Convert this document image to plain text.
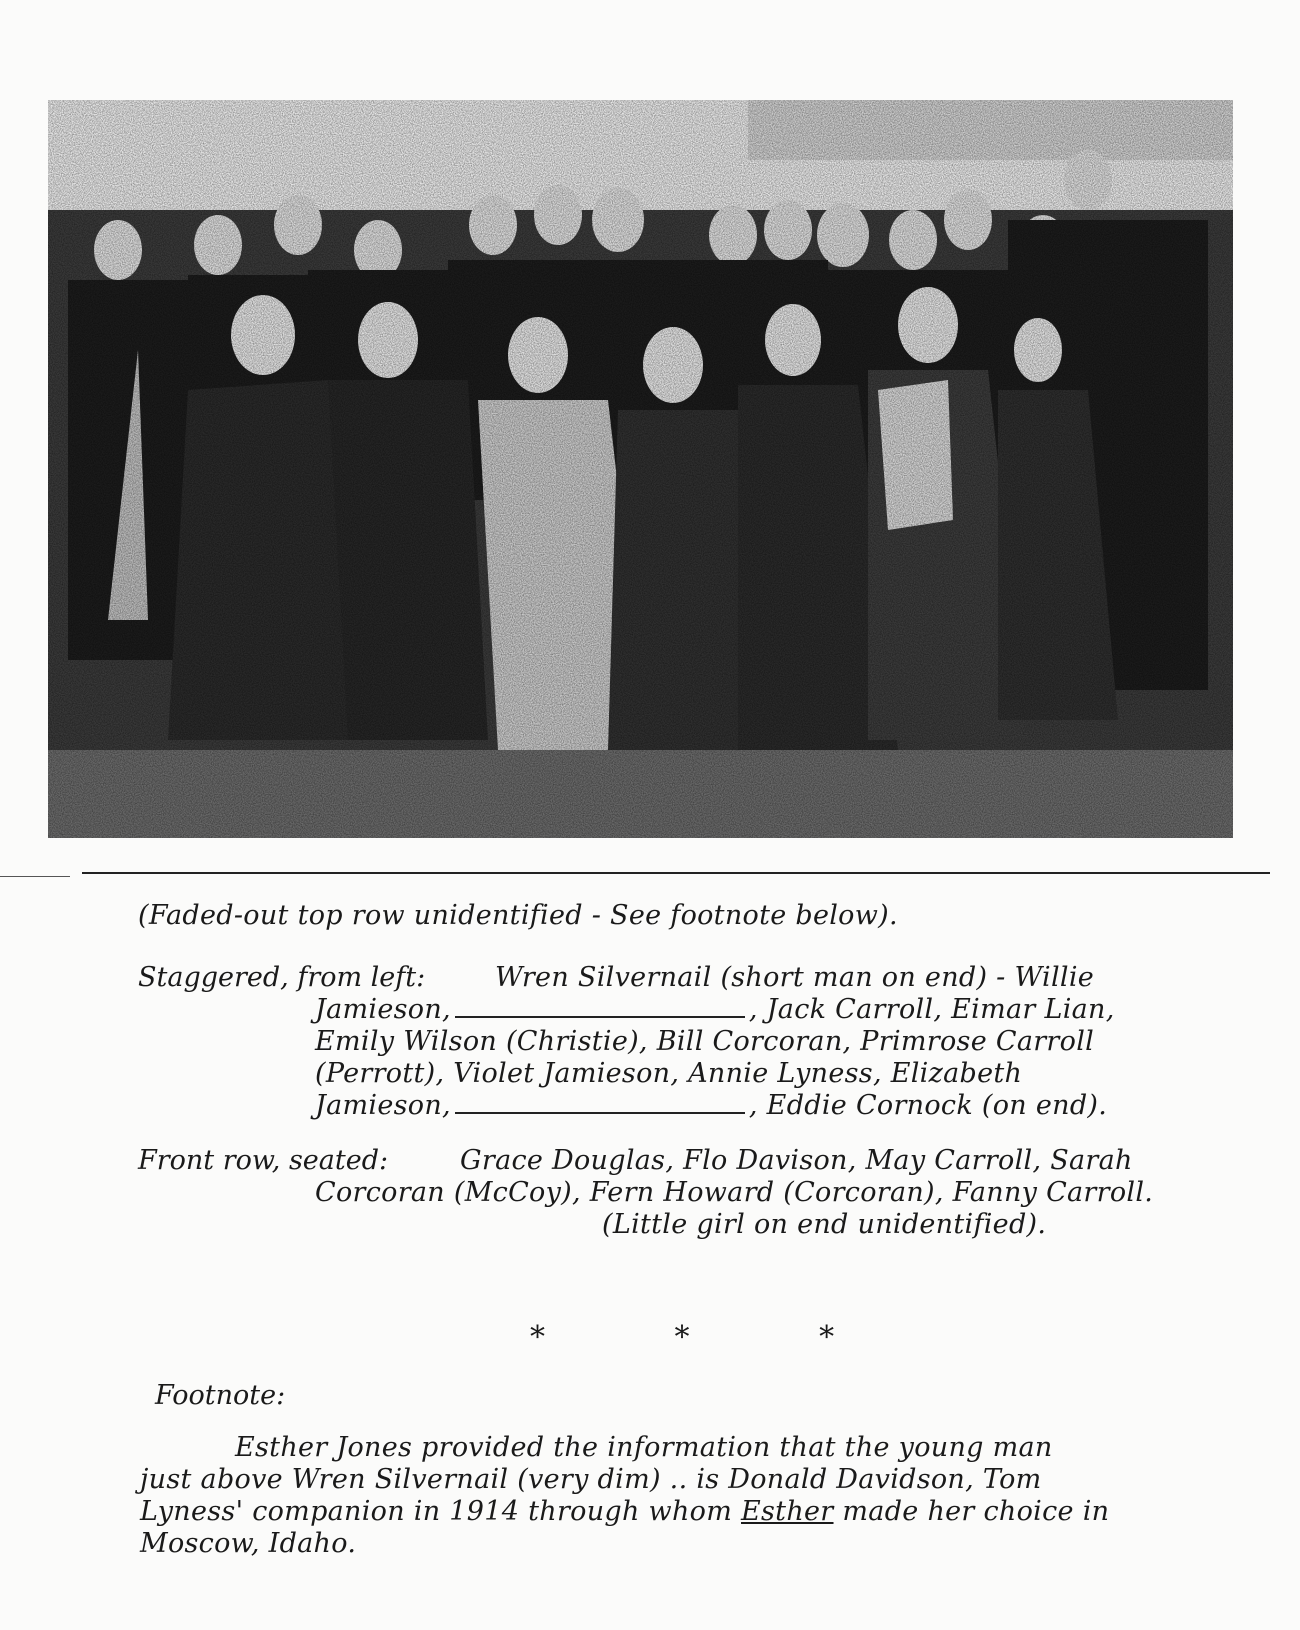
(Faded-out top row unidentified - See footnote below).
Staggered, from left:	Wren Silvernail (short man on end) - Willie
Jamieson,	, Jack Carroll, Eimar Lian,
Emily Wilson (Christie), Bill Corcoran, Primrose Carroll
(Perrott), Violet Jamieson, Annie Lyness, Elizabeth
Jamieson,	, Eddie Cornock (on end).
Front row, seated:	Grace Douglas, Flo Davison, May Carroll, Sarah
Corcoran (McCoy), Fern Howard (Corcoran), Fanny Carroll.
(Little girl on end unidentified).
* * *
Footnote:
Esther Jones provided the information that the young man
just above Wren Silvernail (very dim) .. is Donald Davidson, Tom
Lyness' companion in 1914 through whom Esther made her choice in
Moscow, Idaho.
